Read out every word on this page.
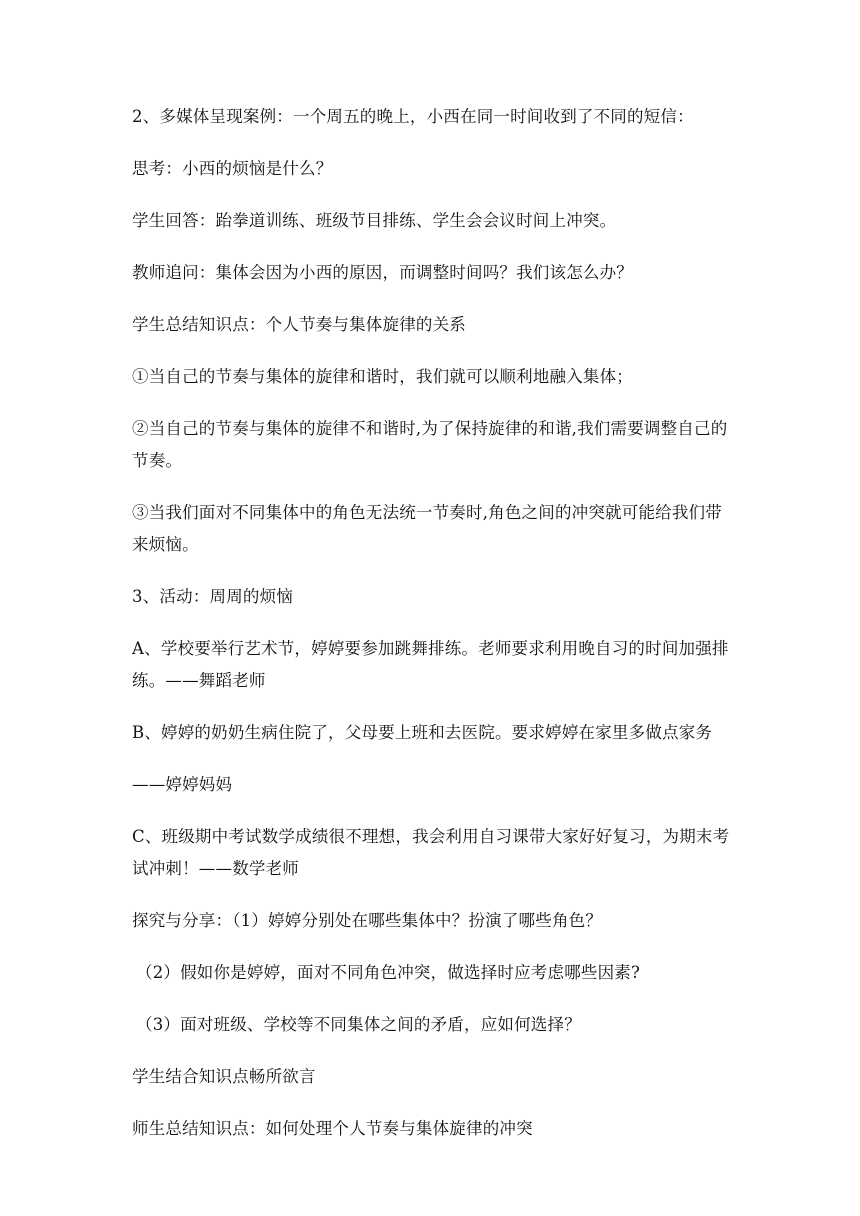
2、多媒体呈现案例：一个周五的晚上，小西在同一时间收到了不同的短信：

思考：小西的烦恼是什么？

学生回答：跆拳道训练、班级节目排练、学生会会议时间上冲突。

教师追问：集体会因为小西的原因，而调整时间吗？我们该怎么办？

学生总结知识点：个人节奏与集体旋律的关系

①当自己的节奏与集体的旋律和谐时，我们就可以顺利地融入集体；

②当自己的节奏与集体的旋律不和谐时,为了保持旋律的和谐,我们需要调整自己的节奏。

③当我们面对不同集体中的角色无法统一节奏时,角色之间的冲突就可能给我们带来烦恼。

3、活动：周周的烦恼

A、学校要举行艺术节，婷婷要参加跳舞排练。老师要求利用晚自习的时间加强排练。——舞蹈老师

B、婷婷的奶奶生病住院了，父母要上班和去医院。要求婷婷在家里多做点家务

——婷婷妈妈

C、班级期中考试数学成绩很不理想，我会利用自习课带大家好好复习，为期末考试冲刺！——数学老师

探究与分享：（1）婷婷分别处在哪些集体中？扮演了哪些角色？

（2）假如你是婷婷，面对不同角色冲突，做选择时应考虑哪些因素?

（3）面对班级、学校等不同集体之间的矛盾，应如何选择？

学生结合知识点畅所欲言

师生总结知识点：如何处理个人节奏与集体旋律的冲突
